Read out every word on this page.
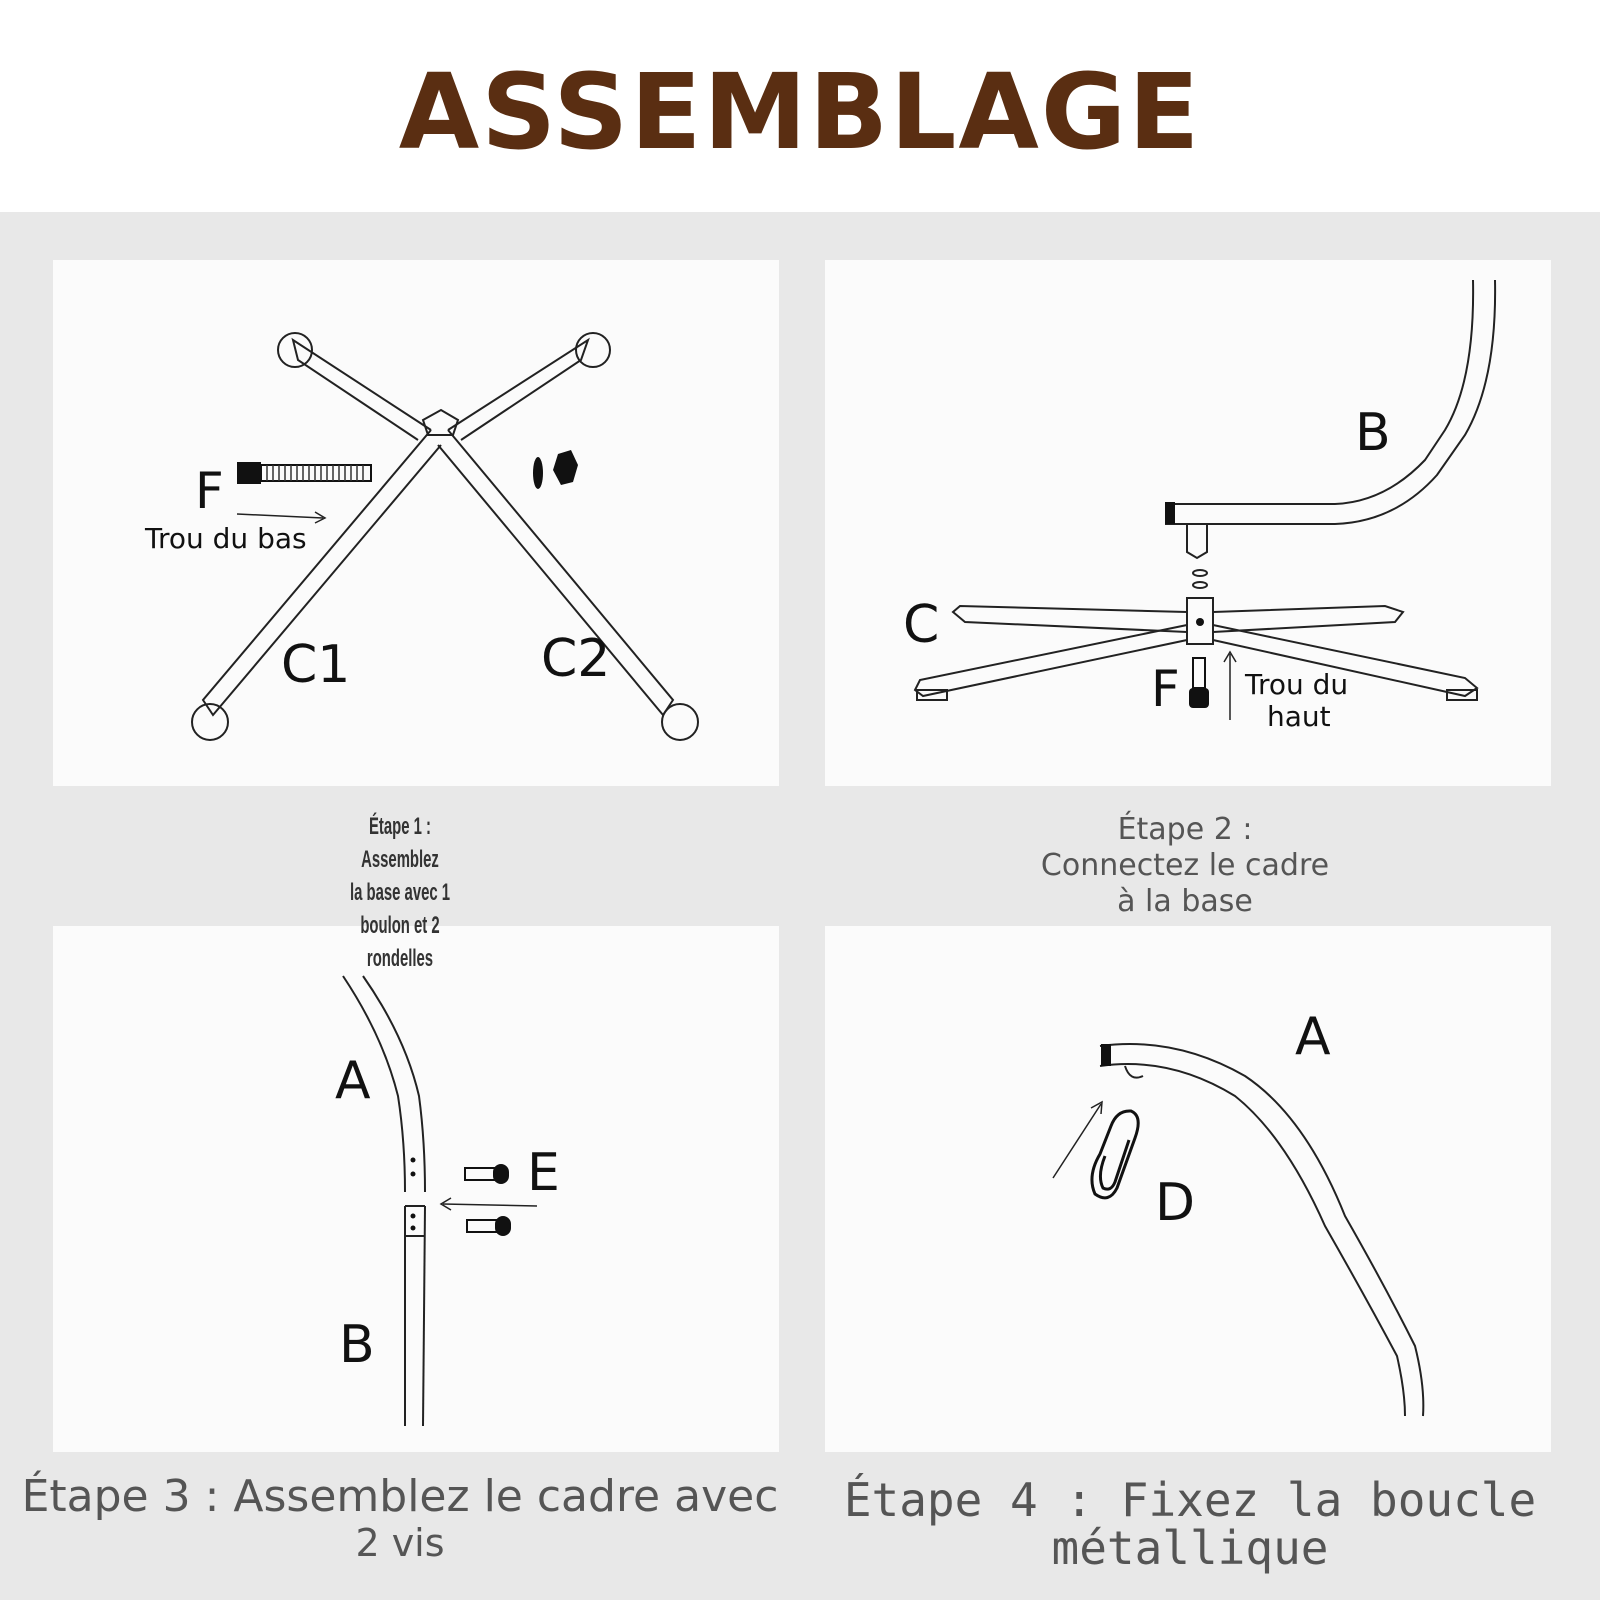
ASSEMBLAGE
F
Trou du bas
C1	C2
B
C
F Trou du
haut
A
E
B
A
D
Étape 1 : Assemblez
la base avec 1
boulon et 2 rondelles
Étape 2 :
Connectez le cadre
à la base
Étape 3 : Assemblez le cadre avec
2 vis
Étape 4 : Fixez la boucle
métallique
